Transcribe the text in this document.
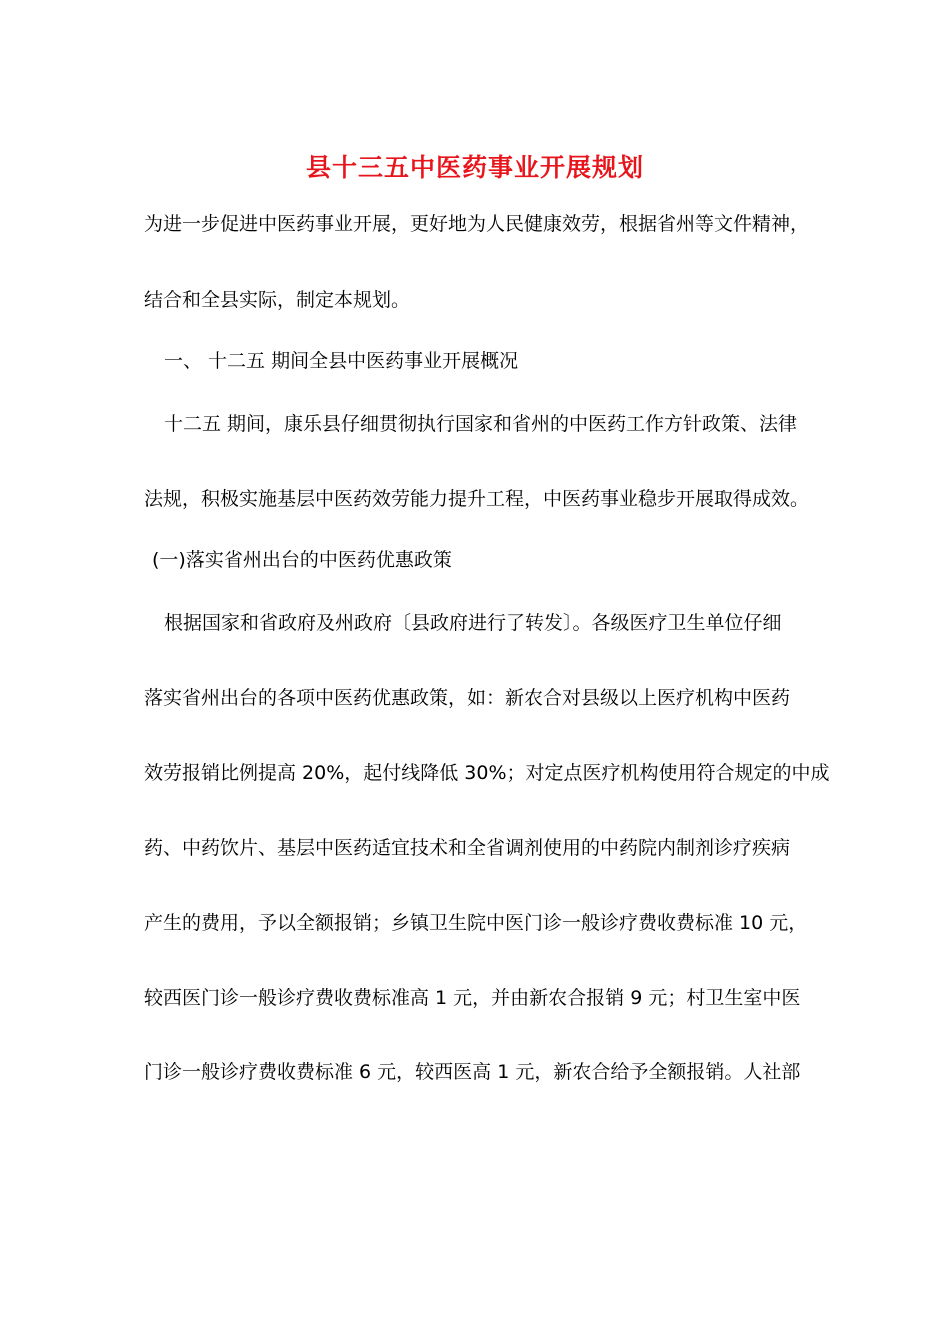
县十三五中医药事业开展规划
为进一步促进中医药事业开展，更好地为人民健康效劳，根据省州等文件精神，
结合和全县实际，制定本规划。
一、 十二五 期间全县中医药事业开展概况
十二五 期间，康乐县仔细贯彻执行国家和省州的中医药工作方针政策、法律
法规，积极实施基层中医药效劳能力提升工程，中医药事业稳步开展取得成效。
(一)落实省州出台的中医药优惠政策
根据国家和省政府及州政府〔县政府进行了转发〕。各级医疗卫生单位仔细
落实省州出台的各项中医药优惠政策，如：新农合对县级以上医疗机构中医药
效劳报销比例提高 20%，起付线降低 30%；对定点医疗机构使用符合规定的中成
药、中药饮片、基层中医药适宜技术和全省调剂使用的中药院内制剂诊疗疾病
产生的费用，予以全额报销；乡镇卫生院中医门诊一般诊疗费收费标准 10 元，
较西医门诊一般诊疗费收费标准高 1 元，并由新农合报销 9 元；村卫生室中医
门诊一般诊疗费收费标准 6 元，较西医高 1 元，新农合给予全额报销。人社部
